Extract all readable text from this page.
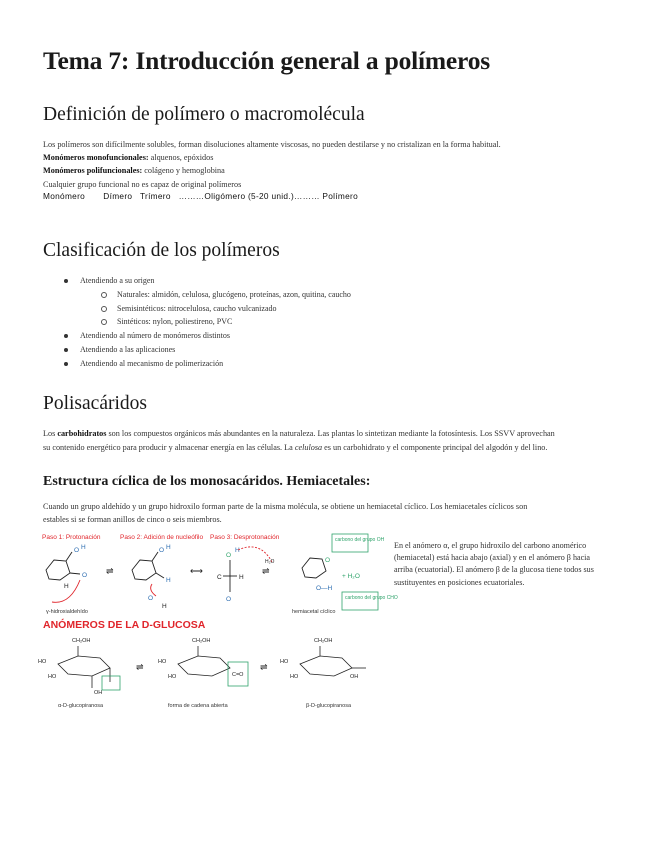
Tema 7: Introducción general a polímeros
Definición de polímero o macromolécula
Los polímeros son difícilmente solubles, forman disoluciones altamente viscosas, no pueden destilarse y no cristalizan en la forma habitual.
Monómeros monofuncionales: alquenos, epóxidos
Monómeros polifuncionales: colágeno y hemoglobina
Cualquier grupo funcional no es capaz de original polímeros
Monómero       Dímero   Trímero   ………Oligómero (5-20 unid.)……… Polímero
Clasificación de los polímeros
Atendiendo a su origen
Naturales: almidón, celulosa, glucógeno, proteínas, azon, quitina, caucho
Semisintéticos: nitrocelulosa, caucho vulcanizado
Sintéticos: nylon, poliestireno, PVC
Atendiendo al número de monómeros distintos
Atendiendo a las aplicaciones
Atendiendo al mecanismo de polimerización
Polisacáridos
Los carbohidratos son los compuestos orgánicos más abundantes en la naturaleza. Las plantas lo sintetizan mediante la fotosíntesis. Los SSVV aprovechan
su contenido energético para producir y almacenar energía en las células. La celulosa es un carbohidrato y el componente principal del algodón y del lino.
Estructura cíclica de los monosacáridos. Hemiacetales:
Cuando un grupo aldehído y un grupo hidroxilo forman parte de la misma molécula, se obtiene un hemiacetal cíclico. Los hemiacetales cíclicos son
estables si se forman anillos de cinco o seis miembros.
Paso 1: Protonación	Paso 2: Adición de nucleófilo Paso 3: Desprotonación
O H
O
H
γ-hidroxialdehído
⇌
O H
H
O
H
⟷
O
H
C	H
O
⇌
H₂O
carbono del grupo OH
O
O—H
+ H₂O
carbono del grupo CHO
hemiacetal cíclico
En el anómero α, el grupo hidroxilo del carbono anomérico (hemiacetal) está hacia abajo (axial) y en el anómero β hacia arriba (ecuatorial). El anómero β de la glucosa tiene todos sus sustituyentes en posiciones ecuatoriales.
ANÓMEROS DE LA D-GLUCOSA
CH₂OH
HO
HO
OH
α-D-glucopiranosa
⇌
CH₂OH
HO
HO	C=O
forma de cadena abierta
⇌
CH₂OH
HO
HO	OH
β-D-glucopiranosa
